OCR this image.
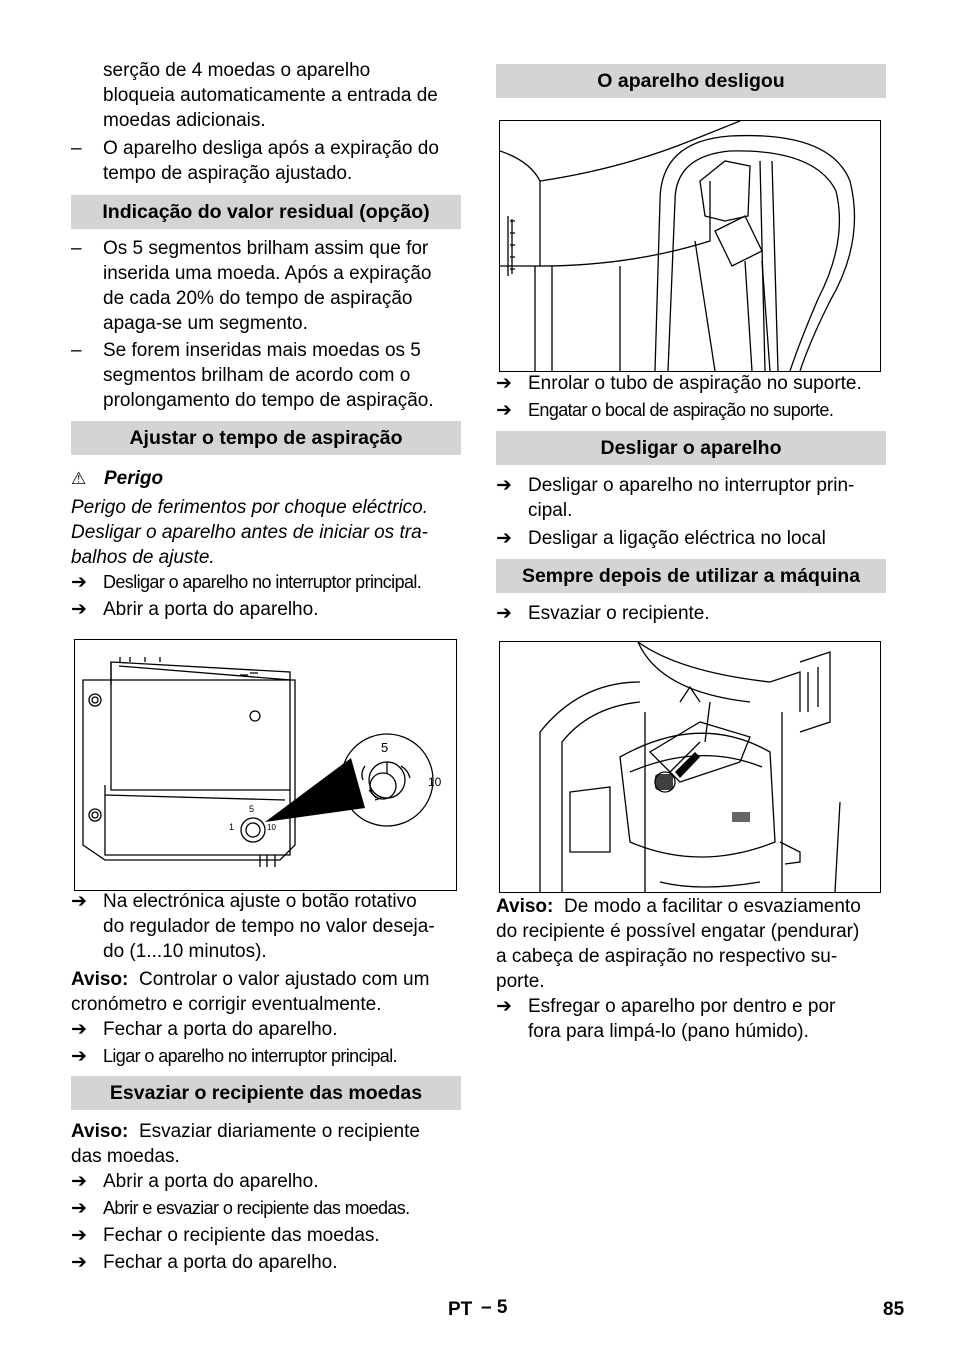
serção de 4 moedas o aparelho
bloqueia automaticamente a entrada de
moedas adicionais.
– O aparelho desliga após a expiração do
tempo de aspiração ajustado.
Indicação do valor residual (opção)
– Os 5 segmentos brilham assim que for
inserida uma moeda. Após a expiração
de cada 20% do tempo de aspiração
apaga-se um segmento.
– Se forem inseridas mais moedas os 5
segmentos brilham de acordo com o
prolongamento do tempo de aspiração.
Ajustar o tempo de aspiração
⚠ Perigo
Perigo de ferimentos por choque eléctrico.
Desligar o aparelho antes de iniciar os tra-
balhos de ajuste.
➔ Desligar o aparelho no interruptor principal.
➔ Abrir a porta do aparelho.
5
1	10
5
1	10
➔ Na electrónica ajuste o botão rotativo
do regulador de tempo no valor deseja-
do (1...10 minutos).
Aviso: Controlar o valor ajustado com um
cronómetro e corrigir eventualmente.
➔ Fechar a porta do aparelho.
➔ Ligar o aparelho no interruptor principal.
Esvaziar o recipiente das moedas
Aviso: Esvaziar diariamente o recipiente
das moedas.
➔ Abrir a porta do aparelho.
➔ Abrir e esvaziar o recipiente das moedas.
➔ Fechar o recipiente das moedas.
➔ Fechar a porta do aparelho.
O aparelho desligou
➔ Enrolar o tubo de aspiração no suporte.
➔ Engatar o bocal de aspiração no suporte.
Desligar o aparelho
➔ Desligar o aparelho no interruptor prin-
cipal.
➔ Desligar a ligação eléctrica no local
Sempre depois de utilizar a máquina
➔ Esvaziar o recipiente.
Aviso: De modo a facilitar o esvaziamento
do recipiente é possível engatar (pendurar)
a cabeça de aspiração no respectivo su-
porte.
➔ Esfregar o aparelho por dentro e por
fora para limpá-lo (pano húmido).
PT – 5	85
